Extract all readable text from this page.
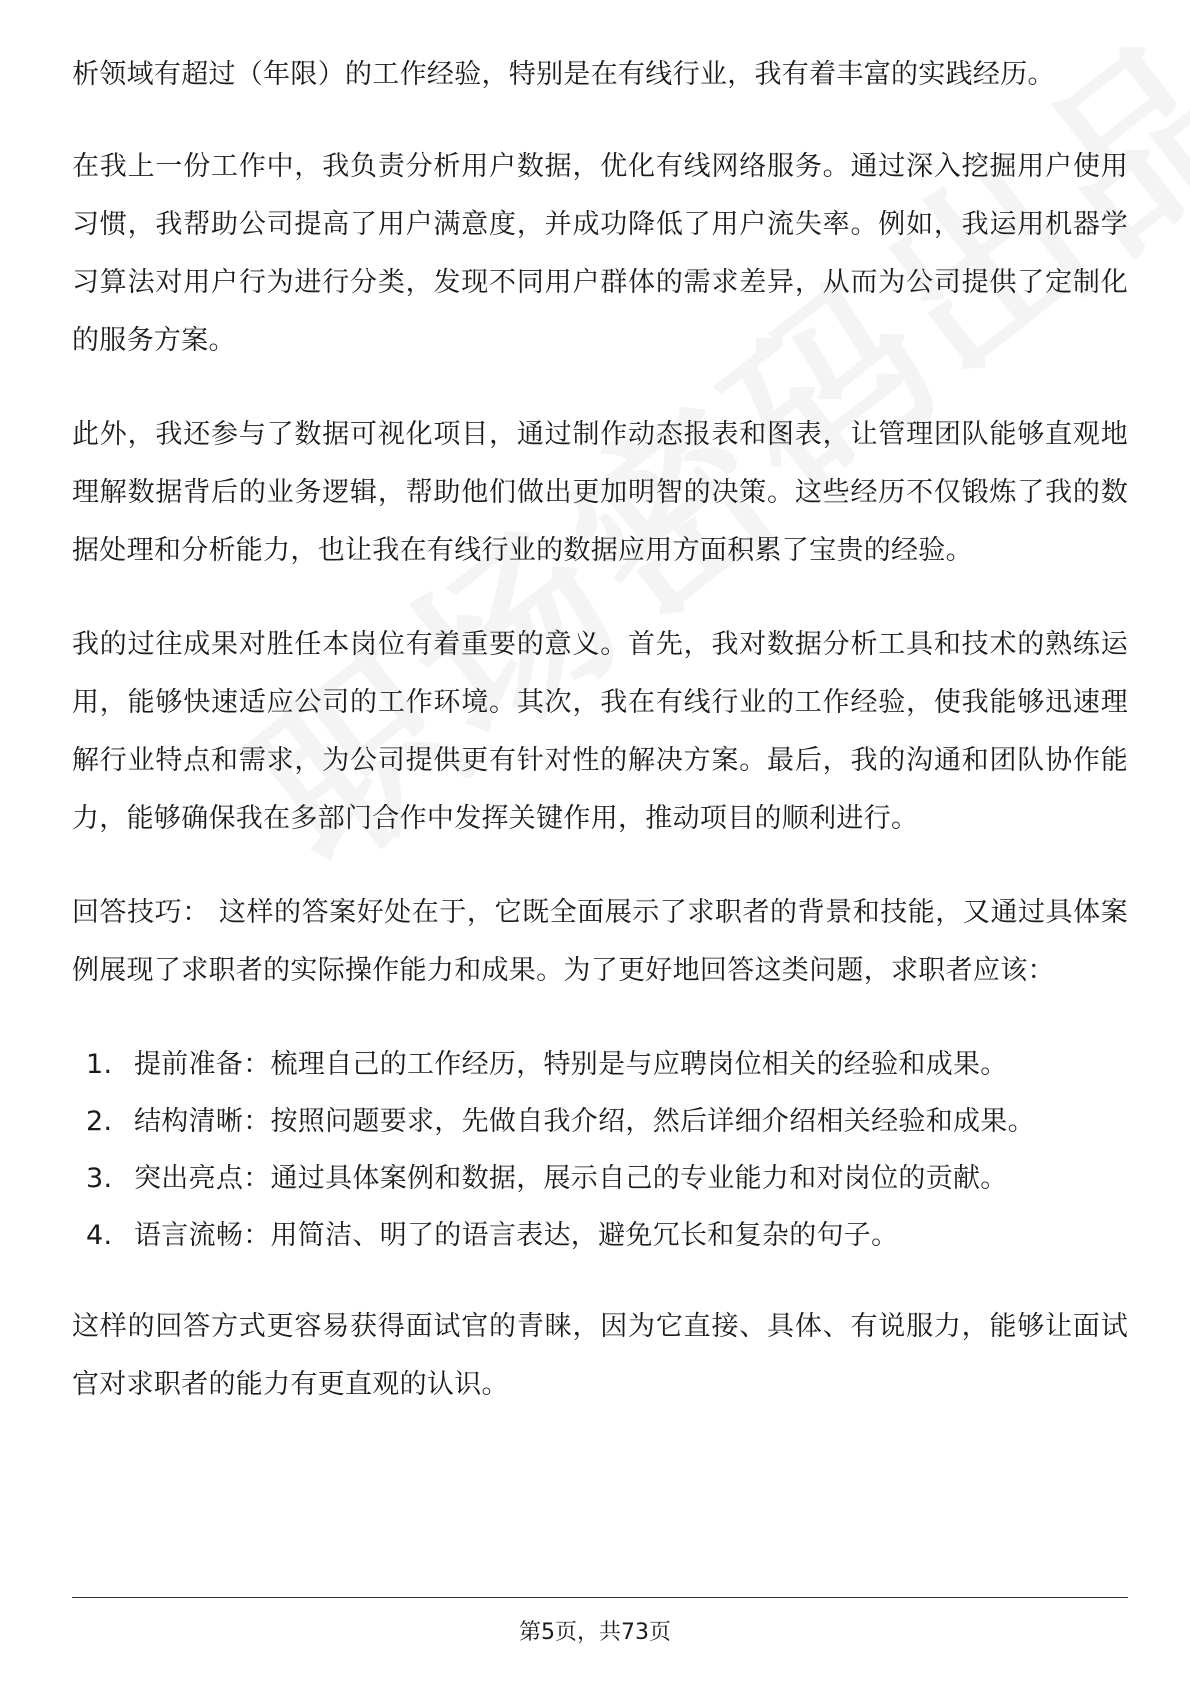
析领域有超过（年限）的工作经验，特别是在有线行业，我有着丰富的实践经历。

在我上一份工作中，我负责分析用户数据，优化有线网络服务。通过深入挖掘用户使用习惯，我帮助公司提高了用户满意度，并成功降低了用户流失率。例如，我运用机器学习算法对用户行为进行分类，发现不同用户群体的需求差异，从而为公司提供了定制化的服务方案。

此外，我还参与了数据可视化项目，通过制作动态报表和图表，让管理团队能够直观地理解数据背后的业务逻辑，帮助他们做出更加明智的决策。这些经历不仅锻炼了我的数据处理和分析能力，也让我在有线行业的数据应用方面积累了宝贵的经验。

我的过往成果对胜任本岗位有着重要的意义。首先，我对数据分析工具和技术的熟练运用，能够快速适应公司的工作环境。其次，我在有线行业的工作经验，使我能够迅速理解行业特点和需求，为公司提供更有针对性的解决方案。最后，我的沟通和团队协作能力，能够确保我在多部门合作中发挥关键作用，推动项目的顺利进行。

回答技巧： 这样的答案好处在于，它既全面展示了求职者的背景和技能，又通过具体案例展现了求职者的实际操作能力和成果。为了更好地回答这类问题，求职者应该：

1. 提前准备：梳理自己的工作经历，特别是与应聘岗位相关的经验和成果。
2. 结构清晰：按照问题要求，先做自我介绍，然后详细介绍相关经验和成果。
3. 突出亮点：通过具体案例和数据，展示自己的专业能力和对岗位的贡献。
4. 语言流畅：用简洁、明了的语言表达，避免冗长和复杂的句子。

这样的回答方式更容易获得面试官的青睐，因为它直接、具体、有说服力，能够让面试官对求职者的能力有更直观的认识。

第5页，共73页
